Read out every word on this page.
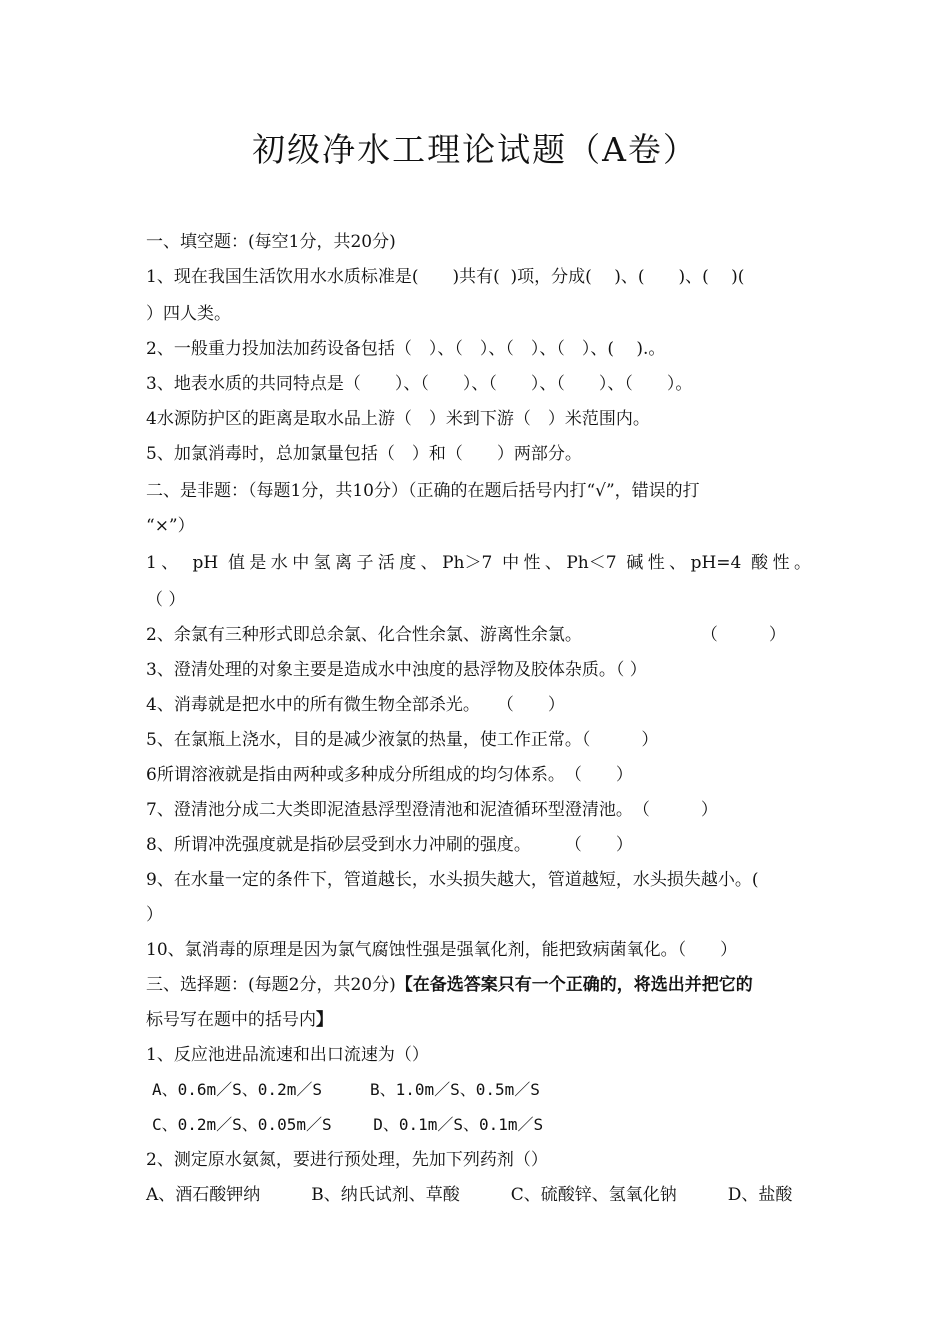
初级净水工理论试题（A卷）
一、填空题：(每空1分，共20分)
1、现在我国生活饮用水水质标准是(　　)共有(  )项，分成(　 )、(　　)、(　 )(
）四人类。
2、一般重力投加法加药设备包括（　）、（　）、（　）、（　）、(　 ).。
3、地表水质的共同特点是（　　）、（　　）、（　　）、（　　）、（　　）。
4水源防护区的距离是取水品上游（　）米到下游（　）米范围内。
5、加氯消毒时，总加氯量包括（　）和（　　）两部分。
二、是非题：（每题1分，共10分）（正确的在题后括号内打“√”，错误的打
“×”）
1、 pH 值是水中氢离子活度、Ph＞7 中性、Ph＜7 碱性、pH=4 酸性。
（ ）
2、余氯有三种形式即总余氯、化合性余氯、游离性余氯。　　　　　　　　（　　　）
3、澄清处理的对象主要是造成水中浊度的悬浮物及胶体杂质。（ ）
4、消毒就是把水中的所有微生物全部杀光。　　（　　）
5、在氯瓶上浇水，目的是减少液氯的热量，使工作正常。（　　　）
6所谓溶液就是指由两种或多种成分所组成的均匀体系。　（　　）
7、澄清池分成二大类即泥渣悬浮型澄清池和泥渣循环型澄清池。　（　　　）
8、所谓冲洗强度就是指砂层受到水力冲刷的强度。　　　（　　）
9、在水量一定的条件下，管道越长，水头损失越大，管道越短，水头损失越小。(
）
10、氯消毒的原理是因为氯气腐蚀性强是强氧化剂，能把致病菌氧化。（　　）
三、选择题：(每题2分，共20分)【在备选答案只有一个正确的，将选出并把它的
标号写在题中的括号内】
1、反应池进品流速和出口流速为（）
A、0.6m／S、0.2m／S　　　B、1.0m／S、0.5m／S
C、0.2m／S、0.05m／S　　 D、0.1m／S、0.1m／S
2、测定原水氨氮，要进行预处理，先加下列药剂（）
A、酒石酸钾纳　　　B、纳氏试剂、草酸　　　C、硫酸锌、氢氧化钠　　　D、盐酸
